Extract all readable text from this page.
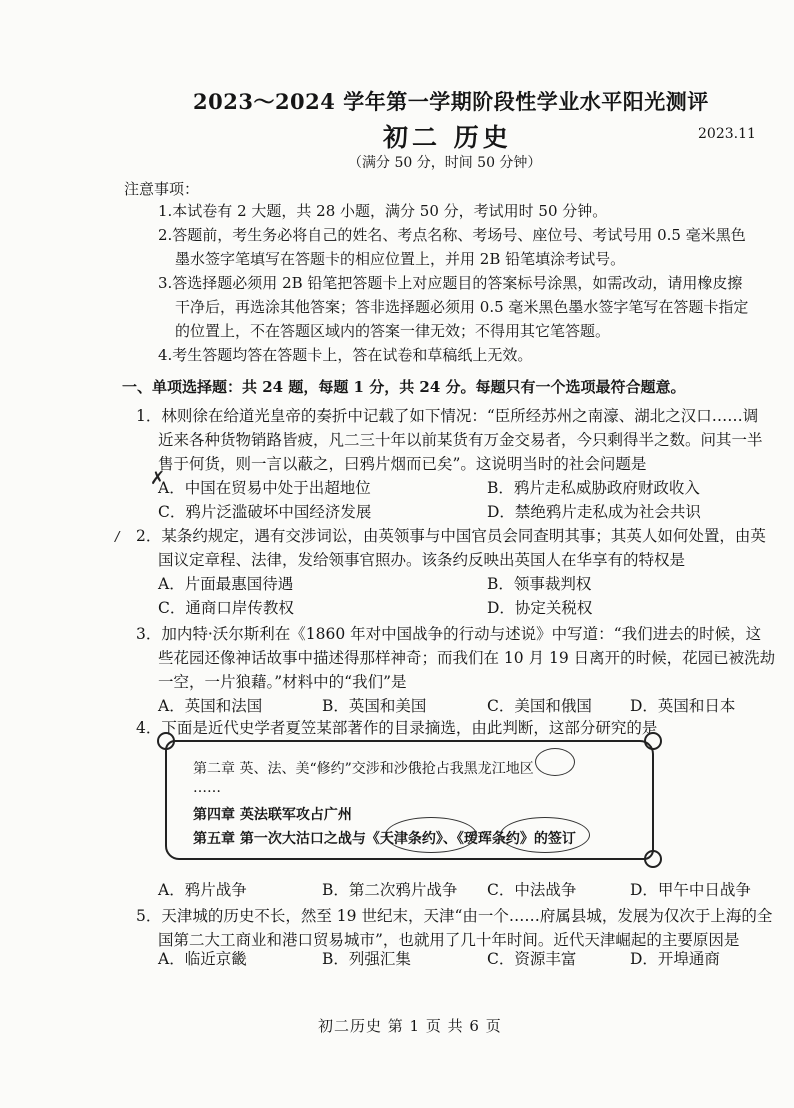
2023～2024 学年第一学期阶段性学业水平阳光测评
初二 历史	2023.11
（满分 50 分，时间 50 分钟）
注意事项：
1.本试卷有 2 大题，共 28 小题，满分 50 分，考试用时 50 分钟。
2.答题前，考生务必将自己的姓名、考点名称、考场号、座位号、考试号用 0.5 毫米黑色
墨水签字笔填写在答题卡的相应位置上，并用 2B 铅笔填涂考试号。
3.答选择题必须用 2B 铅笔把答题卡上对应题目的答案标号涂黑，如需改动，请用橡皮擦
干净后，再选涂其他答案；答非选择题必须用 0.5 毫米黑色墨水签字笔写在答题卡指定
的位置上，不在答题区域内的答案一律无效；不得用其它笔答题。
4.考生答题均答在答题卡上，答在试卷和草稿纸上无效。
一、单项选择题：共 24 题，每题 1 分，共 24 分。每题只有一个选项最符合题意。
1．林则徐在给道光皇帝的奏折中记载了如下情况：“臣所经苏州之南濠、湖北之汉口……调
近来各种货物销路皆疲，凡二三十年以前某货有万金交易者，今只剩得半之数。问其一半
售于何货，则一言以蔽之，曰鸦片烟而已矣”。这说明当时的社会问题是
A．中国在贸易中处于出超地位	B．鸦片走私威胁政府财政收入
C．鸦片泛滥破坏中国经济发展	D．禁绝鸦片走私成为社会共识
✗
2．某条约规定，遇有交涉词讼，由英领事与中国官员会同查明其事；其英人如何处置，由英
国议定章程、法律，发给领事官照办。该条约反映出英国人在华享有的特权是
A．片面最惠国待遇	B．领事裁判权
C．通商口岸传教权	D．协定关税权
/
3．加内特·沃尔斯利在《1860 年对中国战争的行动与述说》中写道：“我们进去的时候，这
些花园还像神话故事中描述得那样神奇；而我们在 10 月 19 日离开的时候，花园已被洗劫
一空，一片狼藉。”材料中的“我们”是
A．英国和法国	B．英国和美国	C．美国和俄国 D．英国和日本
4．下面是近代史学者夏笠某部著作的目录摘选，由此判断，这部分研究的是
第二章 英、法、美“修约”交涉和沙俄抢占我黑龙江地区
……
第四章 英法联军攻占广州
第五章 第一次大沽口之战与《天津条约》、《瑷珲条约》的签订
A．鸦片战争	B．第二次鸦片战争 C．中法战争	D．甲午中日战争
5．天津城的历史不长，然至 19 世纪末，天津“由一个……府属县城，发展为仅次于上海的全
国第二大工商业和港口贸易城市”，也就用了几十年时间。近代天津崛起的主要原因是
A．临近京畿	B．列强汇集	C．资源丰富	D．开埠通商
初二历史 第 1 页 共 6 页
